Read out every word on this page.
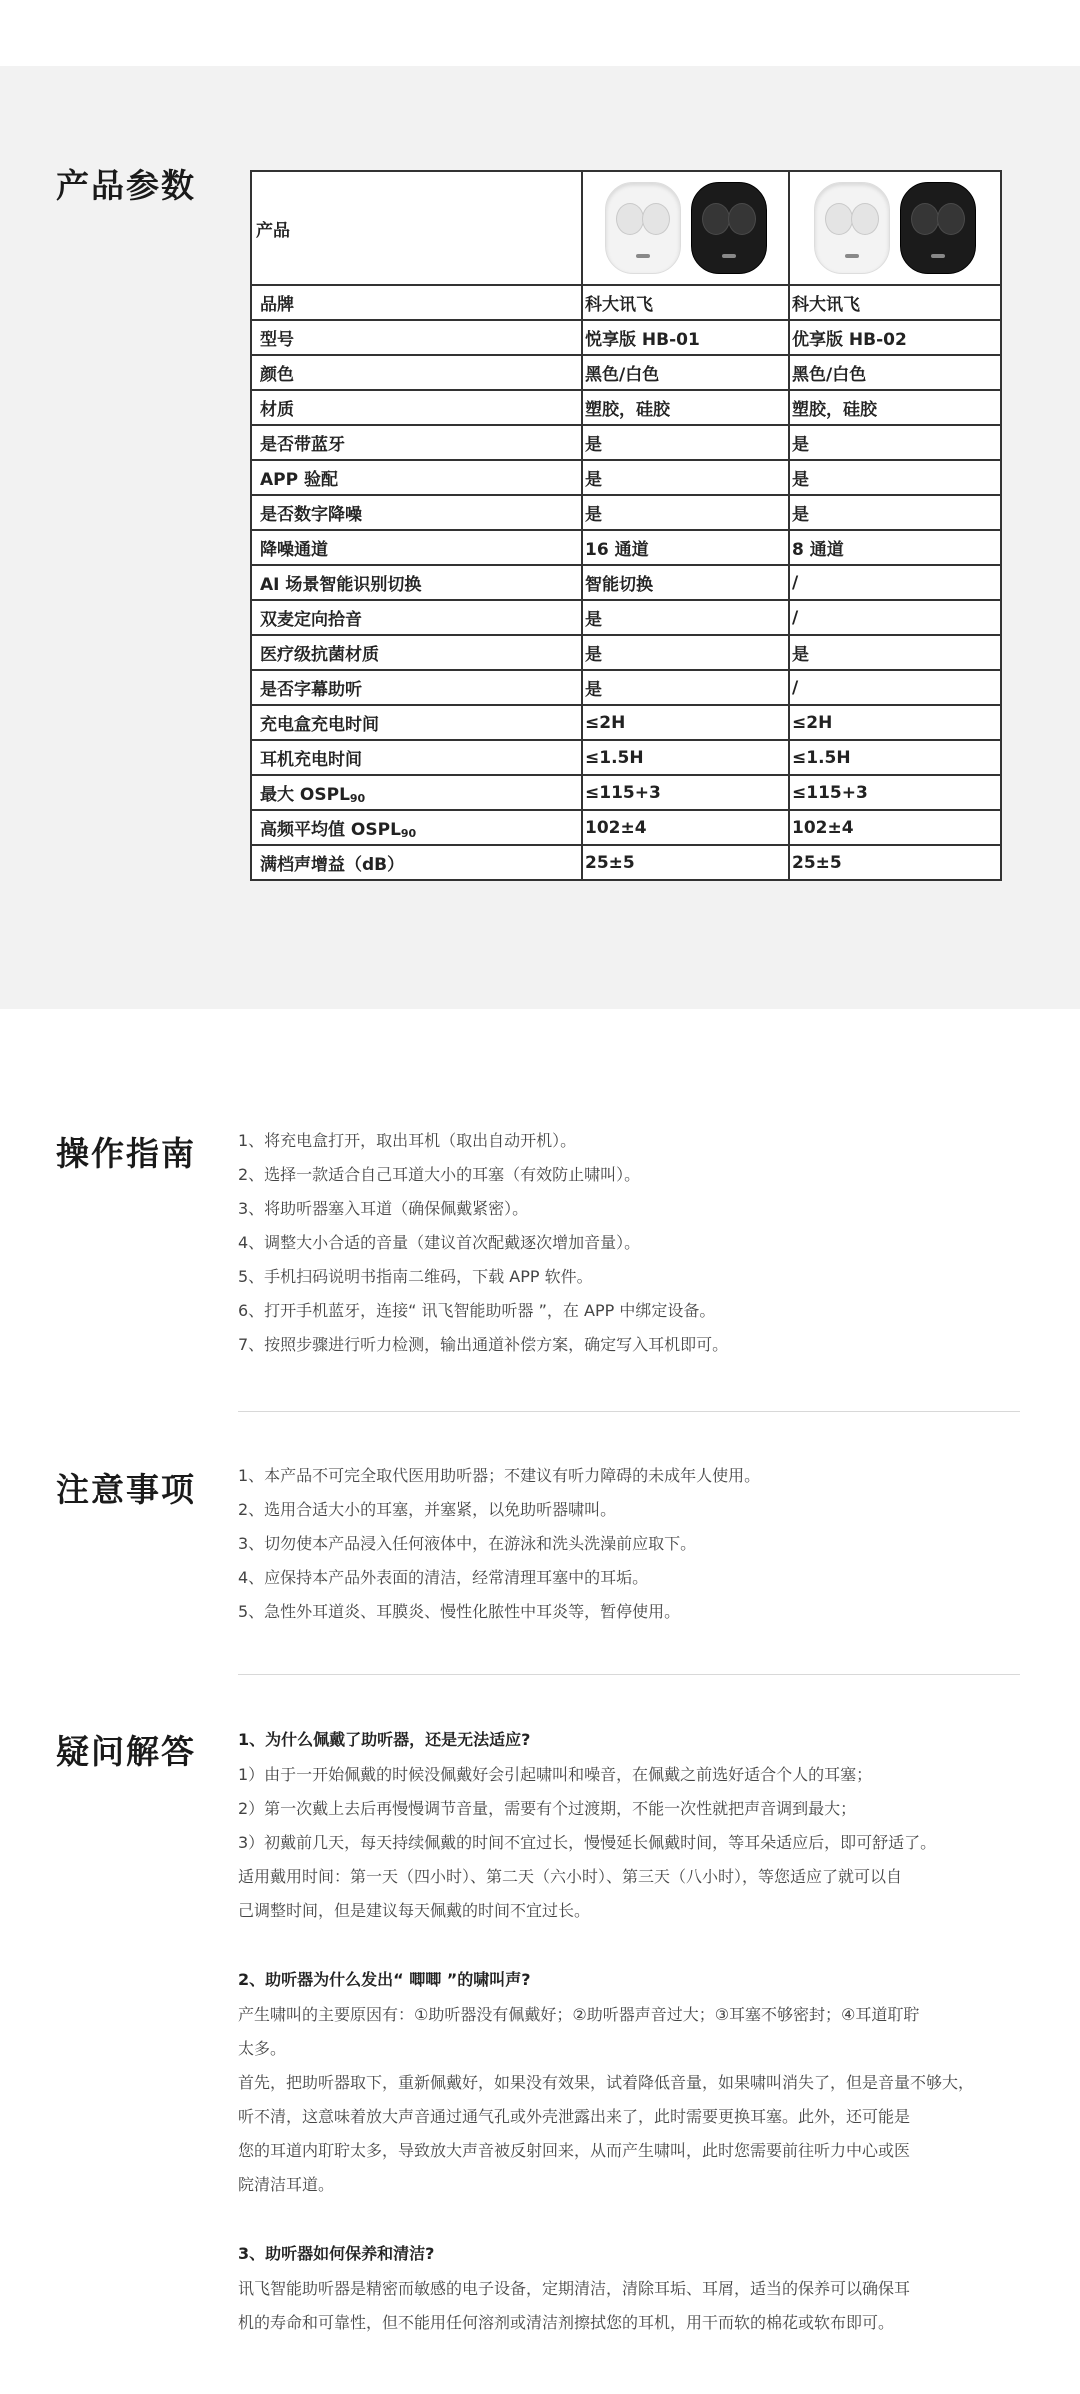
产品参数
产品	

品牌	科大讯飞	科大讯飞
型号	悦享版 HB-01	优享版 HB-02
颜色	黑色/白色	黑色/白色
材质	塑胶，硅胶	塑胶，硅胶
是否带蓝牙	是	是
APP 验配	是	是
是否数字降噪	是	是
降噪通道	16 通道	8 通道
AI 场景智能识别切换	智能切换	/
双麦定向拾音	是	/
医疗级抗菌材质	是	是
是否字幕助听	是	/
充电盒充电时间	≤2H	≤2H
耳机充电时间	≤1.5H	≤1.5H
最大 $OSPL_{90}$	≤115+3	≤115+3
高频平均值 $OSPL_{90}$	102±4	102±4
满档声增益（dB）	25±5	25±5
操作指南	1、将充电盒打开，取出耳机（取出自动开机）。
2、选择一款适合自己耳道大小的耳塞（有效防止啸叫）。
3、将助听器塞入耳道（确保佩戴紧密）。
4、调整大小合适的音量（建议首次配戴逐次增加音量）。
5、手机扫码说明书指南二维码，下载 APP 软件。
6、打开手机蓝牙，连接“ 讯飞智能助听器 ”，在 APP 中绑定设备。
7、按照步骤进行听力检测，输出通道补偿方案，确定写入耳机即可。
注意事项	1、本产品不可完全取代医用助听器；不建议有听力障碍的未成年人使用。
2、选用合适大小的耳塞，并塞紧，以免助听器啸叫。
3、切勿使本产品浸入任何液体中，在游泳和洗头洗澡前应取下。
4、应保持本产品外表面的清洁，经常清理耳塞中的耳垢。
5、急性外耳道炎、耳膜炎、慢性化脓性中耳炎等，暂停使用。
疑问解答	1、为什么佩戴了助听器，还是无法适应?

1）由于一开始佩戴的时候没佩戴好会引起啸叫和噪音，在佩戴之前选好适合个人的耳塞；

2）第一次戴上去后再慢慢调节音量，需要有个过渡期，不能一次性就把声音调到最大；

3）初戴前几天，每天持续佩戴的时间不宜过长，慢慢延长佩戴时间，等耳朵适应后，即可舒适了。

适用戴用时间：第一天（四小时）、第二天（六小时）、第三天（八小时），等您适应了就可以自

己调整时间，但是建议每天佩戴的时间不宜过长。

2、助听器为什么发出“ 唧唧 ”的啸叫声?

产生啸叫的主要原因有：①助听器没有佩戴好；②助听器声音过大；③耳塞不够密封；④耳道耵聍

太多。

首先，把助听器取下，重新佩戴好，如果没有效果，试着降低音量，如果啸叫消失了，但是音量不够大，

听不清，这意味着放大声音通过通气孔或外壳泄露出来了，此时需要更换耳塞。此外，还可能是

您的耳道内耵聍太多，导致放大声音被反射回来，从而产生啸叫，此时您需要前往听力中心或医

院清洁耳道。

3、助听器如何保养和清洁?

讯飞智能助听器是精密而敏感的电子设备，定期清洁，清除耳垢、耳屑，适当的保养可以确保耳

机的寿命和可靠性，但不能用任何溶剂或清洁剂擦拭您的耳机，用干而软的棉花或软布即可。
